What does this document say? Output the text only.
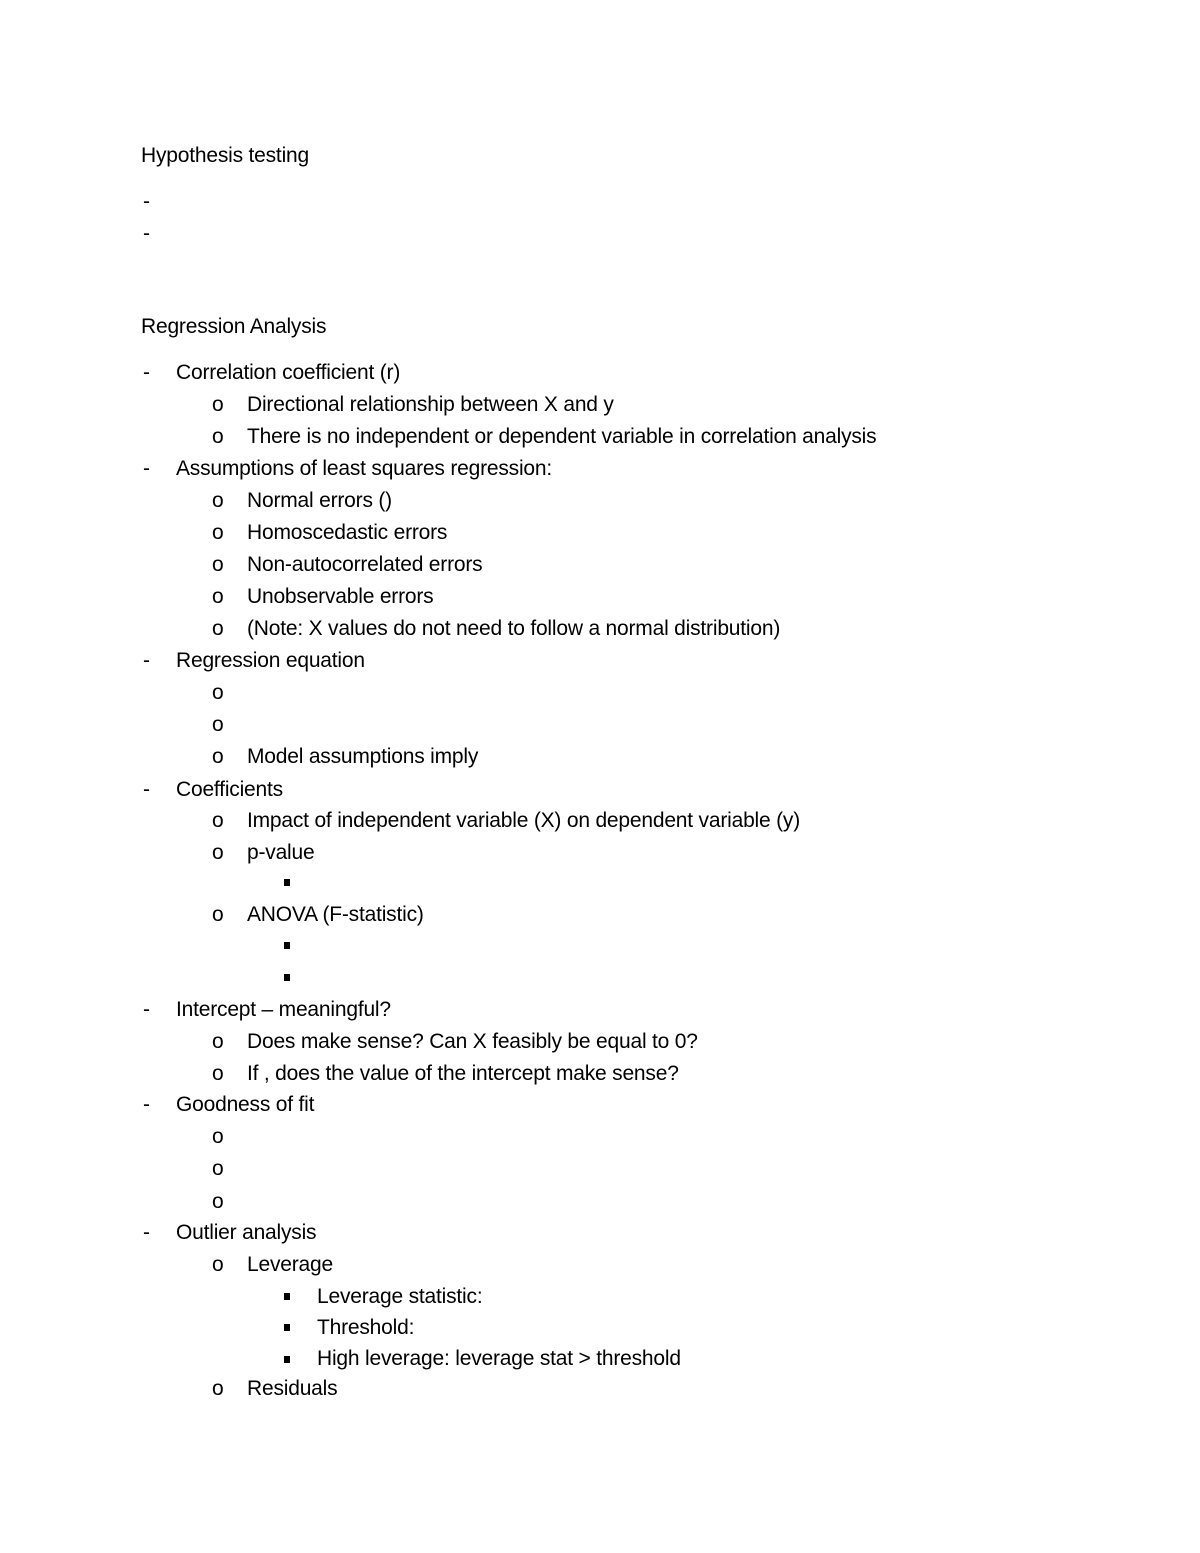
Hypothesis testing
-
-
Regression Analysis
- Correlation coefficient (r)
o Directional relationship between X and y
o There is no independent or dependent variable in correlation analysis
- Assumptions of least squares regression:
o Normal errors ()
o Homoscedastic errors
o Non-autocorrelated errors
o Unobservable errors
o (Note: X values do not need to follow a normal distribution)
- Regression equation
o
o
o Model assumptions imply
- Coefficients
o Impact of independent variable (X) on dependent variable (y)
o p-value
o ANOVA (F-statistic)
- Intercept – meaningful?
o Does make sense? Can X feasibly be equal to 0?
o If , does the value of the intercept make sense?
- Goodness of fit
o
o
o
- Outlier analysis
o Leverage
Leverage statistic:
Threshold:
High leverage: leverage stat > threshold
o Residuals
